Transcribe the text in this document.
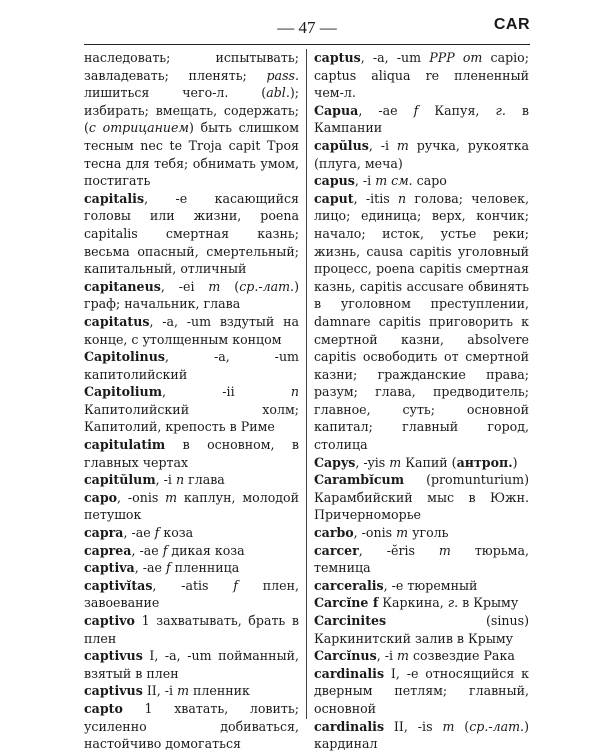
— 47 —	CAR
наследовать; испытывать; завладевать; пленять; pass. лишиться чего-л. (abl.); избирать; вмещать, содержать; (с отрицанием) быть слишком тесным nec te Troja capit Троя тесна для тебя; обнимать умом, постигать
capitalis, -e касающийся головы или жизни, poena capitalis смертная казнь; весьма опасный, смертельный; капитальный, отличный
capitaneus, -ei m (ср.-лат.) граф; начальник, глава
capitatus, -a, -um вздутый на конце, с утолщенным концом
Capitolinus, -a, -um капитолийский
Capitolium, -ii n Капитолийский холм; Капитолий, крепость в Риме
capitulatim в основном, в главных чертах
capitŭlum, -i n глава
capo, -onis m каплун, молодой петушок
capra, -ae f коза
caprea, -ae f дикая коза
captiva, -ae f пленница
captivĭtas, -atis f плен, завоевание
captivo 1 захватывать, брать в плен
captivus I, -a, -um пойманный, взятый в плен
captivus II, -i m пленник
capto 1 хватать, ловить; усиленно добиваться, настойчиво домогаться
captus, -a, -um PPP от capio; captus aliqua re плененный чем-л.
Capua, -ae f Капуя, г. в Кампании
capŭlus, -i m ручка, рукоятка (плуга, меча)
capus, -i m см. capo
caput, -itis n голова; человек, лицо; единица; верх, кончик; начало; исток, устье реки; жизнь, causa capitis уголовный процесс, poena capitis смертная казнь, capitis accusare обвинять в уголовном преступлении, damnare capitis приговорить к смертной казни, absolvere capitis освободить от смертной казни; гражданские права; разум; глава, предводитель; главное, суть; основной капитал; главный город, столица
Capys, -yis m Капий (антроп.)
Carambĭcum (promunturium) Карамбийский мыс в Южн. Причерноморье
carbo, -onis m уголь
carcer, -ĕris m тюрьма, темница
carceralis, -e тюремный
Carcĭne f Каркина, г. в Крыму
Carcinites (sinus) Каркинитский залив в Крыму
Carcĭnus, -i m созвездие Рака
cardinalis I, -e относящийся к дверным петлям; главный, основной
cardinalis II, -is m (ср.-лат.) кардинал
